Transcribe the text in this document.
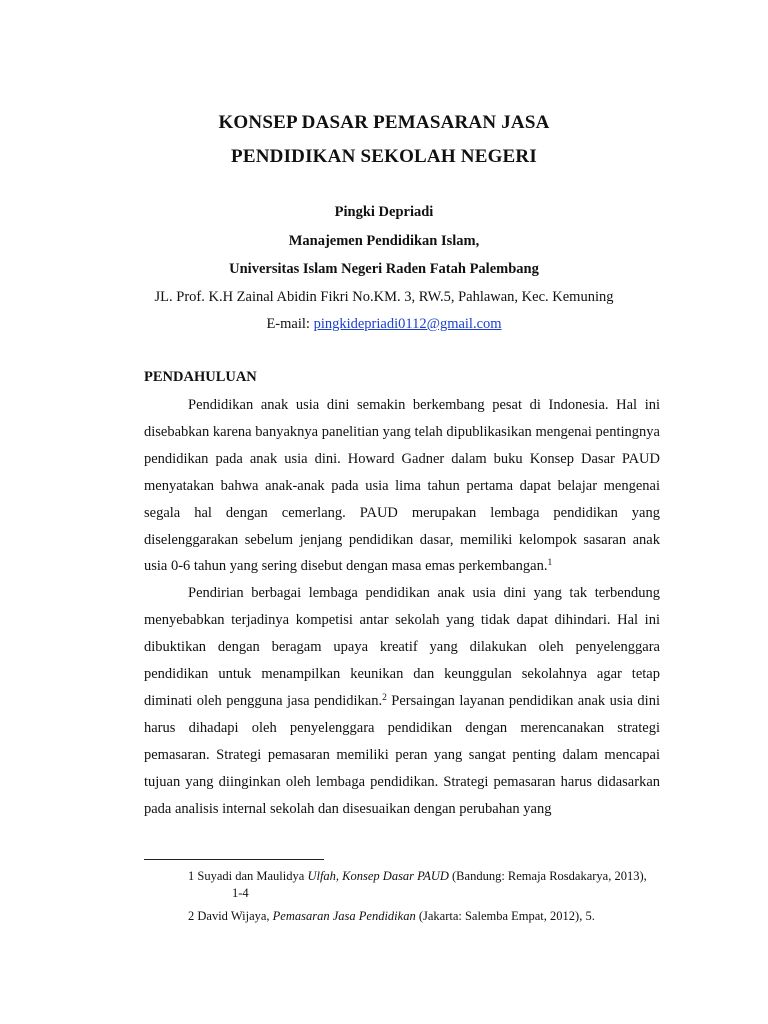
KONSEP DASAR PEMASARAN JASA
PENDIDIKAN SEKOLAH NEGERI
Pingki Depriadi
Manajemen Pendidikan Islam,
Universitas Islam Negeri Raden Fatah Palembang
JL. Prof. K.H Zainal Abidin Fikri No.KM. 3, RW.5, Pahlawan, Kec. Kemuning
E-mail: pingkidepriadi0112@gmail.com
PENDAHULUAN

Pendidikan anak usia dini semakin berkembang pesat di Indonesia. Hal ini disebabkan karena banyaknya panelitian yang telah dipublikasikan mengenai pentingnya pendidikan pada anak usia dini. Howard Gadner dalam buku Konsep Dasar PAUD menyatakan bahwa anak-anak pada usia lima tahun pertama dapat belajar mengenai segala hal dengan cemerlang. PAUD merupakan lembaga pendidikan yang diselenggarakan sebelum jenjang pendidikan dasar, memiliki kelompok sasaran anak usia 0-6 tahun yang sering disebut dengan masa emas perkembangan.$^1$

Pendirian berbagai lembaga pendidikan anak usia dini yang tak terbendung menyebabkan terjadinya kompetisi antar sekolah yang tidak dapat dihindari. Hal ini dibuktikan dengan beragam upaya kreatif yang dilakukan oleh penyelenggara pendidikan untuk menampilkan keunikan dan keunggulan sekolahnya agar tetap diminati oleh pengguna jasa pendidikan.$^2$ Persaingan layanan pendidikan anak usia dini harus dihadapi oleh penyelenggara pendidikan dengan merencanakan strategi pemasaran. Strategi pemasaran memiliki peran yang sangat penting dalam mencapai tujuan yang diinginkan oleh lembaga pendidikan. Strategi pemasaran harus didasarkan pada analisis internal sekolah dan disesuaikan dengan perubahan yang

1 Suyadi dan Maulidya Ulfah, Konsep Dasar PAUD (Bandung: Remaja Rosdakarya, 2013),
1-4
2 David Wijaya, Pemasaran Jasa Pendidikan (Jakarta: Salemba Empat, 2012), 5.
